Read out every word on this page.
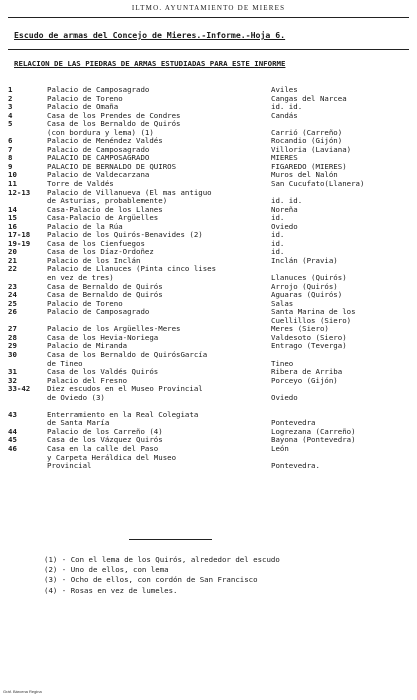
ILTMO. AYUNTAMIENTO DE MIERES
Escudo de armas del Concejo de Mieres.-Informe.-Hoja 6.
RELACION DE LAS PIEDRAS DE ARMAS ESTUDIADAS PARA ESTE INFORME
1	Palacio de Camposagrado	Aviles
2	Palacio de Toreno	Cangas del Narcea
3	Palacio de Omaña	id. id.
4	Casa de los Prendes de Condres	Candás
5	Casa de los Bernaldo de Quirós
(con bordura y lema) (1)	Carrió (Carreño)
6	Palacio de Menéndez Valdés	Rocandio (Gijón)
7	Palacio de Camposagrado	Villoria (Laviana)
8	PALACIO DE CAMPOSAGRADO	MIERES
9	PALACIO DE BERNALDO DE QUIROS	FIGAREDO (MIERES)
10	Palacio de Valdecarzana	Muros del Nalón
11	Torre de Valdés	San Cucufato(Llanera)
12-13	Palacio de Villanueva (El mas antiguo
de Asturias, probablemente)	id. id.
14	Casa-Palacio de los Llanes	Noreña
15	Casa-Palacio de Argüelles	id.
16	Palacio de la Rúa	Oviedo
17-18	Palacio de los Quirós-Benavides (2)	id.
19-19	Casa de los Cienfuegos	id.
20	Casa de los Díaz-Ordoñez	id.
21	Palacio de los Inclán	Inclán (Pravia)
22	Palacio de Llanuces (Pinta cinco lises
en vez de tres)	Llanuces (Quirós)
23	Casa de Bernaldo de Quirós	Arrojo (Quirós)
24	Casa de Bernaldo de Quirós	Aguaras (Quirós)
25	Palacio de Toreno	Salas
26	Palacio de Camposagrado	Santa Marina de los
Cuellillos (Siero)
27	Palacio de los Argüelles-Meres	Meres (Siero)
28	Casa de los Hevia-Noriega	Valdesoto (Siero)
29	Palacio de Miranda	Entrago (Teverga)
30	Casa de los Bernaldo de QuirósGarcía
de Tineo	Tineo
31	Casa de los Valdés Quirós	Ribera de Arriba
32	Palacio del Fresno	Porceyo (Gijón)
33-42	Diez escudos en el Museo Provincial
de Oviedo (3)	Oviedo
43	Enterramiento en la Real Colegiata
de Santa María	Pontevedra
44	Palacio de los Carreño (4)	Logrezana (Carreño)
45	Casa de los Vázquez Quirós	Bayona (Pontevedra)
46	Casa en la calle del Paso	León
y Carpeta Heráldica del Museo
Provincial	Pontevedra.
(1) - Con el lema de los Quirós, alrededor del escudo
(2) - Uno de ellos, con lema
(3) - Ocho de ellos, con cordón de San Francisco
(4) - Rosas en vez de lumeles.
Gráf. Bárcena Regina
